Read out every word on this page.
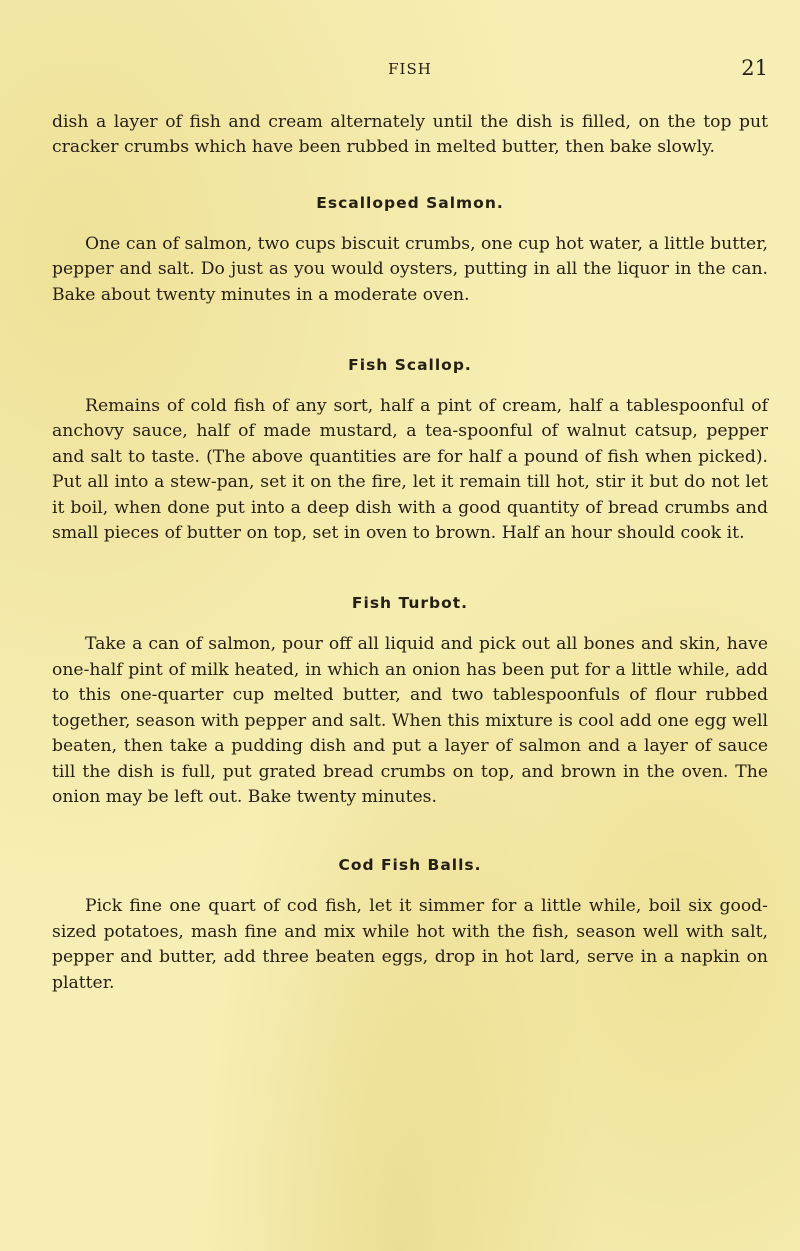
FISH	21

dish a layer of fish and cream alternately until the dish is filled, on the top put cracker crumbs which have been rubbed in melted butter, then bake slowly.

Escalloped Salmon.

One can of salmon, two cups biscuit crumbs, one cup hot water, a little butter, pepper and salt. Do just as you would oysters, putting in all the liquor in the can. Bake about twenty minutes in a moderate oven.

Fish Scallop.

Remains of cold fish of any sort, half a pint of cream, half a tablespoonful of anchovy sauce, half of made mustard, a tea-spoonful of walnut catsup, pepper and salt to taste. (The above quantities are for half a pound of fish when picked). Put all into a stew-pan, set it on the fire, let it remain till hot, stir it but do not let it boil, when done put into a deep dish with a good quantity of bread crumbs and small pieces of butter on top, set in oven to brown. Half an hour should cook it.

Fish Turbot.

Take a can of salmon, pour off all liquid and pick out all bones and skin, have one-half pint of milk heated, in which an onion has been put for a little while, add to this one-quarter cup melted butter, and two tablespoonfuls of flour rubbed together, season with pepper and salt. When this mixture is cool add one egg well beaten, then take a pudding dish and put a layer of salmon and a layer of sauce till the dish is full, put grated bread crumbs on top, and brown in the oven. The onion may be left out. Bake twenty minutes.

Cod Fish Balls.

Pick fine one quart of cod fish, let it simmer for a little while, boil six good-sized potatoes, mash fine and mix while hot with the fish, season well with salt, pepper and butter, add three beaten eggs, drop in hot lard, serve in a napkin on platter.
